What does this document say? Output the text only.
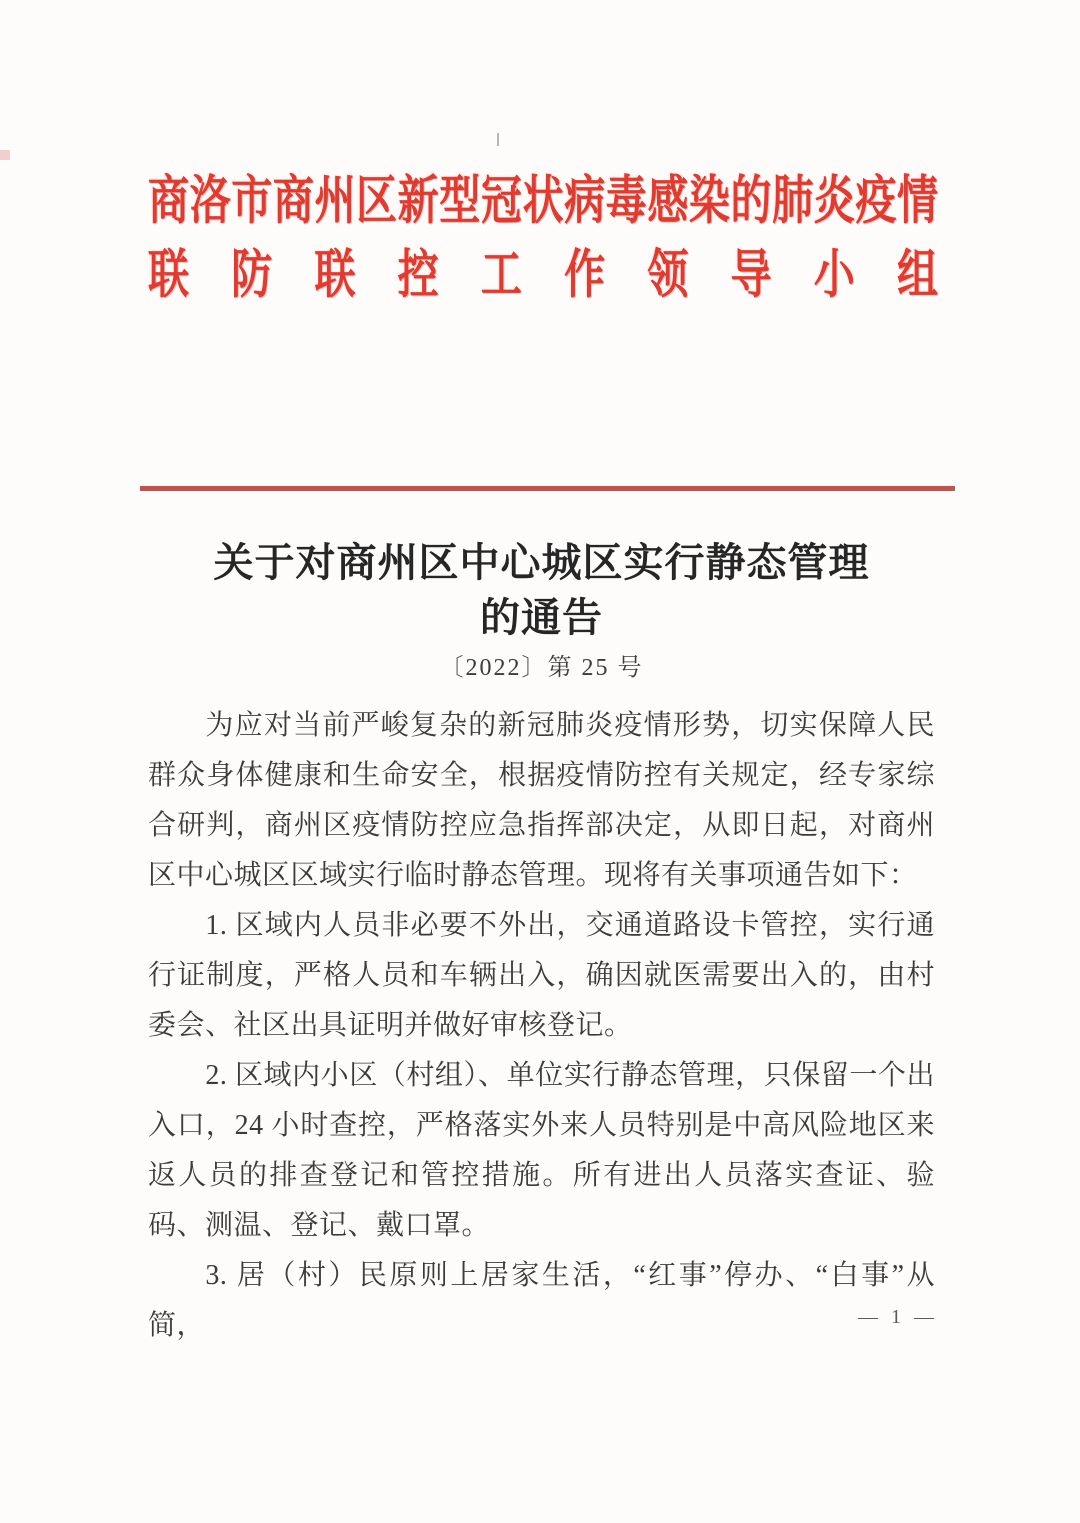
商 洛 市 商 州 区 新 型 冠 状 病 毒 感 染 的 肺 炎 疫 情
联 防 联 控 工 作 领 导 小 组
关于对商州区中心城区实行静态管理
的通告
〔2022〕第 25 号

为应对当前严峻复杂的新冠肺炎疫情形势，切实保障人民群众身体健康和生命安全，根据疫情防控有关规定，经专家综合研判，商州区疫情防控应急指挥部决定，从即日起，对商州区中心城区区域实行临时静态管理。现将有关事项通告如下：

1. 区域内人员非必要不外出，交通道路设卡管控，实行通行证制度，严格人员和车辆出入，确因就医需要出入的，由村委会、社区出具证明并做好审核登记。

2. 区域内小区（村组）、单位实行静态管理，只保留一个出入口，24 小时查控，严格落实外来人员特别是中高风险地区来返人员的排查登记和管控措施。所有进出人员落实查证、验码、测温、登记、戴口罩。

3. 居（村）民原则上居家生活，“红事”停办、“白事”从简，	— 1 —
